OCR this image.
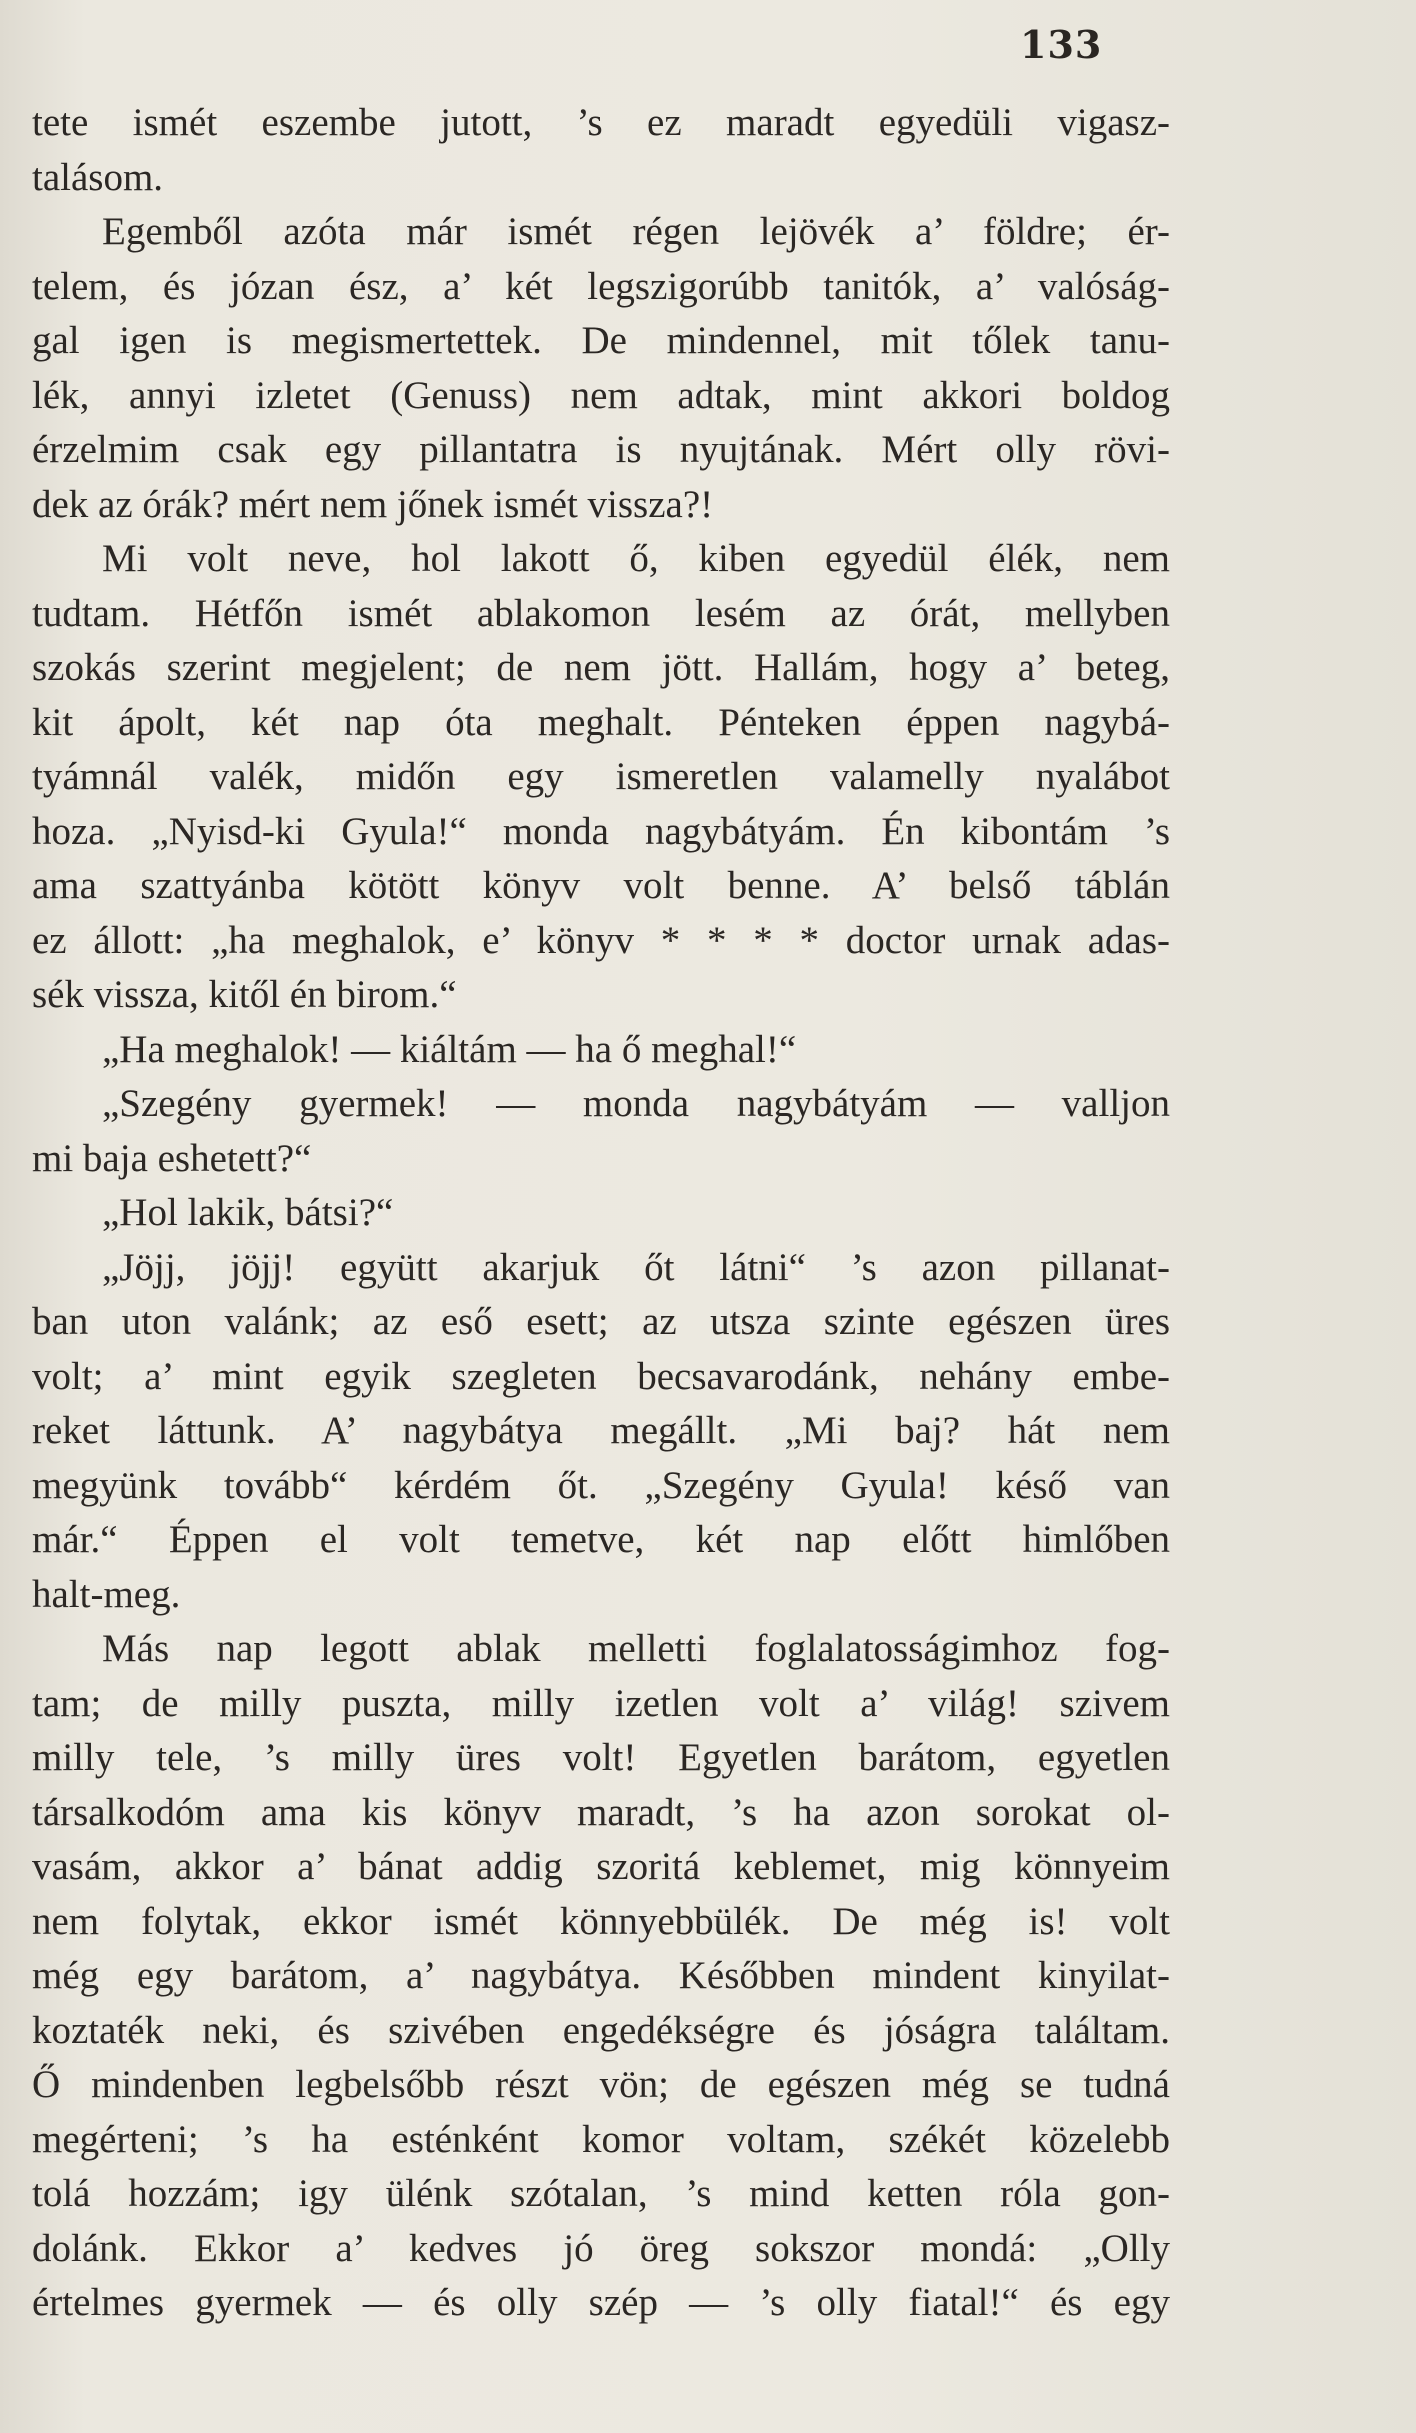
133
tete ismét eszembe jutott, ’s ez maradt egyedüli vigasz-
talásom.
Egemből azóta már ismét régen lejövék a’ földre; ér-
telem, és józan ész, a’ két legszigorúbb tanitók, a’ valóság-
gal igen is megismertettek. De mindennel, mit tőlek tanu-
lék, annyi izletet (Genuss) nem adtak, mint akkori boldog
érzelmim csak egy pillantatra is nyujtának. Mért olly rövi-
dek az órák? mért nem jőnek ismét vissza?!
Mi volt neve, hol lakott ő, kiben egyedül élék, nem
tudtam. Hétfőn ismét ablakomon lesém az órát, mellyben
szokás szerint megjelent; de nem jött. Hallám, hogy a’ beteg,
kit ápolt, két nap óta meghalt. Pénteken éppen nagybá-
tyámnál valék, midőn egy ismeretlen valamelly nyalábot
hoza. „Nyisd-ki Gyula!“ monda nagybátyám. Én kibontám ’s
ama szattyánba kötött könyv volt benne. A’ belső táblán
ez állott: „ha meghalok, e’ könyv * * * * doctor urnak adas-
sék vissza, kitől én birom.“
„Ha meghalok! — kiáltám — ha ő meghal!“
„Szegény gyermek! — monda nagybátyám — valljon
mi baja eshetett?“
„Hol lakik, bátsi?“
„Jöjj, jöjj! együtt akarjuk őt látni“ ’s azon pillanat-
ban uton valánk; az eső esett; az utsza szinte egészen üres
volt; a’ mint egyik szegleten becsavarodánk, nehány embe-
reket láttunk. A’ nagybátya megállt. „Mi baj? hát nem
megyünk tovább“ kérdém őt. „Szegény Gyula! késő van
már.“ Éppen el volt temetve, két nap előtt himlőben
halt-meg.
Más nap legott ablak melletti foglalatosságimhoz fog-
tam; de milly puszta, milly izetlen volt a’ világ! szivem
milly tele, ’s milly üres volt! Egyetlen barátom, egyetlen
társalkodóm ama kis könyv maradt, ’s ha azon sorokat ol-
vasám, akkor a’ bánat addig szoritá keblemet, mig könnyeim
nem folytak, ekkor ismét könnyebbülék. De még is! volt
még egy barátom, a’ nagybátya. Későbben mindent kinyilat-
koztaték neki, és szivében engedékségre és jóságra találtam.
Ő mindenben legbelsőbb részt vön; de egészen még se tudná
megérteni; ’s ha esténként komor voltam, székét közelebb
tolá hozzám; igy ülénk szótalan, ’s mind ketten róla gon-
dolánk. Ekkor a’ kedves jó öreg sokszor mondá: „Olly
értelmes gyermek — és olly szép — ’s olly fiatal!“ és egy
